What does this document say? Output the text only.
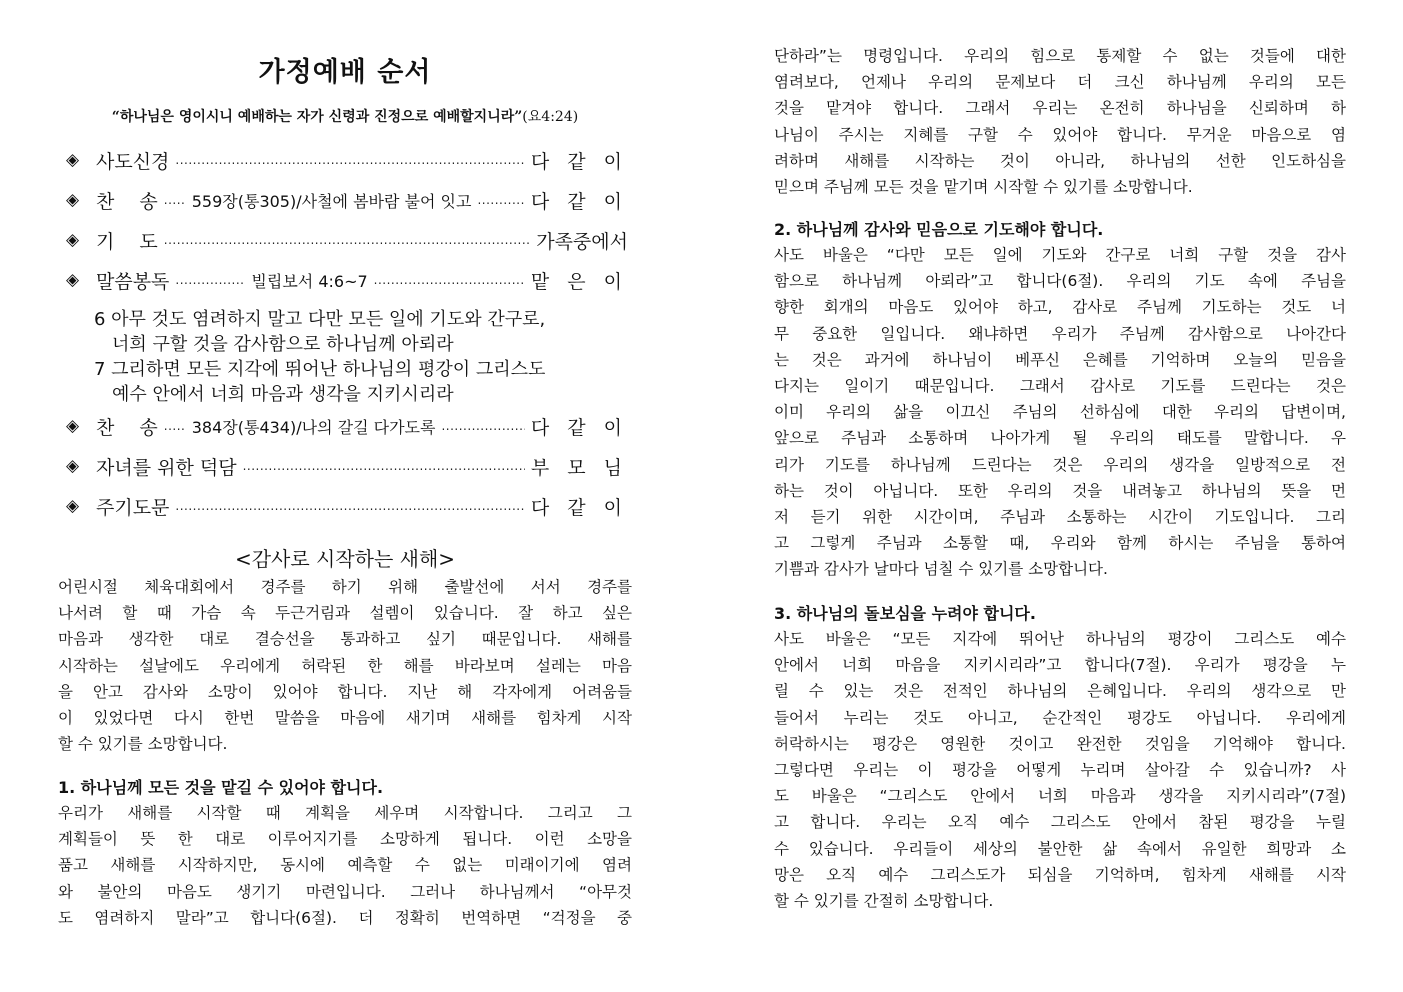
가정예배 순서
“하나님은 영이시니 예배하는 자가 신령과 진정으로 예배할지니라”(요4:24)
◈ 사도신경 .....	다 같 이
◈ 찬　 송 ..... 559장(통305)/사철에 봄바람 불어 잇고 .....	다 같 이
◈ 기　 도 .....	가족중에서
◈ 말씀봉독 .....	빌립보서 4:6~7 .....	맡 은 이
◈ 찬　 송 ..... 384장(통434)/나의 갈길 다가도록 .....	다 같 이
◈ 자녀를 위한 덕담 .....	부 모 님
◈ 주기도문 .....	다 같 이
6 아무 것도 염려하지 말고 다만 모든 일에 기도와 간구로,
너희 구할 것을 감사함으로 하나님께 아뢰라
7 그리하면 모든 지각에 뛰어난 하나님의 평강이 그리스도
예수 안에서 너희 마음과 생각을 지키시리라
<감사로 시작하는 새해>
어린시절 체육대회에서 경주를 하기 위해 출발선에 서서 경주를
나서려 할 때 가슴 속 두근거림과 설렘이 있습니다. 잘 하고 싶은
마음과 생각한 대로 결승선을 통과하고 싶기 때문입니다. 새해를
시작하는 설날에도 우리에게 허락된 한 해를 바라보며 설레는 마음
을 안고 감사와 소망이 있어야 합니다. 지난 해 각자에게 어려움들
이 있었다면 다시 한번 말씀을 마음에 새기며 새해를 힘차게 시작
할 수 있기를 소망합니다.
1. 하나님께 모든 것을 맡길 수 있어야 합니다.
우리가 새해를 시작할 때 계획을 세우며 시작합니다. 그리고 그
계획들이 뜻 한 대로 이루어지기를 소망하게 됩니다. 이런 소망을
품고 새해를 시작하지만, 동시에 예측할 수 없는 미래이기에 염려
와 불안의 마음도 생기기 마련입니다. 그러나 하나님께서 “아무것
도 염려하지 말라”고 합니다(6절). 더 정확히 번역하면 “걱정을 중
단하라”는 명령입니다. 우리의 힘으로 통제할 수 없는 것들에 대한
염려보다, 언제나 우리의 문제보다 더 크신 하나님께 우리의 모든
것을 맡겨야 합니다. 그래서 우리는 온전히 하나님을 신뢰하며 하
나님이 주시는 지혜를 구할 수 있어야 합니다. 무거운 마음으로 염
려하며 새해를 시작하는 것이 아니라, 하나님의 선한 인도하심을
믿으며 주님께 모든 것을 맡기며 시작할 수 있기를 소망합니다.
2. 하나님께 감사와 믿음으로 기도해야 합니다.
사도 바울은 “다만 모든 일에 기도와 간구로 너희 구할 것을 감사
함으로 하나님께 아뢰라”고 합니다(6절). 우리의 기도 속에 주님을
향한 회개의 마음도 있어야 하고, 감사로 주님께 기도하는 것도 너
무 중요한 일입니다. 왜냐하면 우리가 주님께 감사함으로 나아간다
는 것은 과거에 하나님이 베푸신 은혜를 기억하며 오늘의 믿음을
다지는 일이기 때문입니다. 그래서 감사로 기도를 드린다는 것은
이미 우리의 삶을 이끄신 주님의 선하심에 대한 우리의 답변이며,
앞으로 주님과 소통하며 나아가게 될 우리의 태도를 말합니다. 우
리가 기도를 하나님께 드린다는 것은 우리의 생각을 일방적으로 전
하는 것이 아닙니다. 또한 우리의 것을 내려놓고 하나님의 뜻을 먼
저 듣기 위한 시간이며, 주님과 소통하는 시간이 기도입니다. 그리
고 그렇게 주님과 소통할 때, 우리와 함께 하시는 주님을 통하여
기쁨과 감사가 날마다 넘칠 수 있기를 소망합니다.
3. 하나님의 돌보심을 누려야 합니다.
사도 바울은 “모든 지각에 뛰어난 하나님의 평강이 그리스도 예수
안에서 너희 마음을 지키시리라”고 합니다(7절). 우리가 평강을 누
릴 수 있는 것은 전적인 하나님의 은혜입니다. 우리의 생각으로 만
들어서 누리는 것도 아니고, 순간적인 평강도 아닙니다. 우리에게
허락하시는 평강은 영원한 것이고 완전한 것임을 기억해야 합니다.
그렇다면 우리는 이 평강을 어떻게 누리며 살아갈 수 있습니까? 사
도 바울은 “그리스도 안에서 너희 마음과 생각을 지키시리라”(7절)
고 합니다. 우리는 오직 예수 그리스도 안에서 참된 평강을 누릴
수 있습니다. 우리들이 세상의 불안한 삶 속에서 유일한 희망과 소
망은 오직 예수 그리스도가 되심을 기억하며, 힘차게 새해를 시작
할 수 있기를 간절히 소망합니다.
